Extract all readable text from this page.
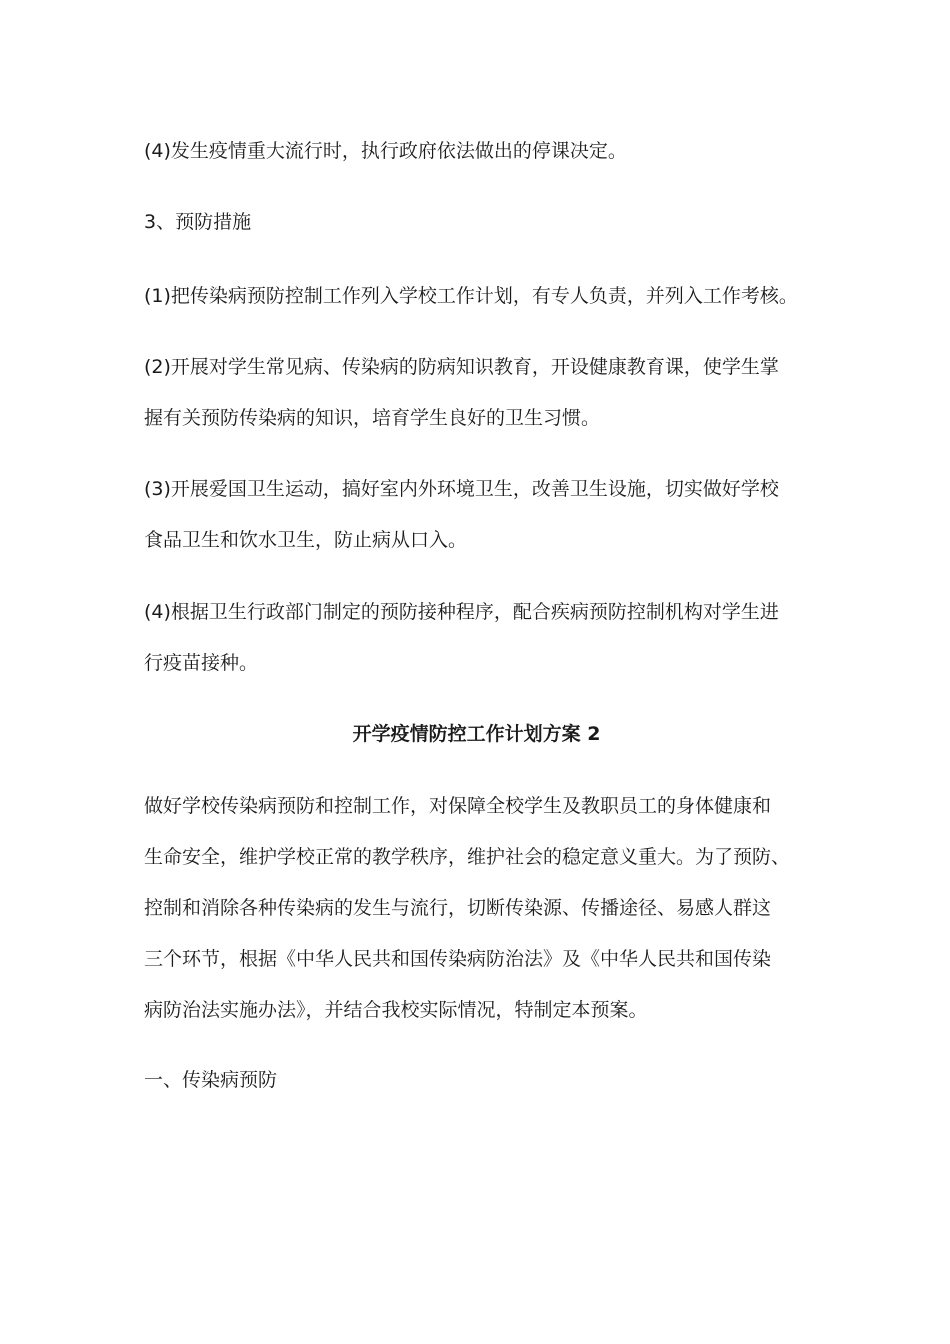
(4)发生疫情重大流行时，执行政府依法做出的停课决定。

3、预防措施

(1)把传染病预防控制工作列入学校工作计划，有专人负责，并列入工作考核。

(2)开展对学生常见病、传染病的防病知识教育，开设健康教育课，使学生掌
握有关预防传染病的知识，培育学生良好的卫生习惯。

(3)开展爱国卫生运动，搞好室内外环境卫生，改善卫生设施，切实做好学校
食品卫生和饮水卫生，防止病从口入。

(4)根据卫生行政部门制定的预防接种程序，配合疾病预防控制机构对学生进
行疫苗接种。

开学疫情防控工作计划方案 2

做好学校传染病预防和控制工作，对保障全校学生及教职员工的身体健康和
生命安全，维护学校正常的教学秩序，维护社会的稳定意义重大。为了预防、
控制和消除各种传染病的发生与流行，切断传染源、传播途径、易感人群这
三个环节，根据《中华人民共和国传染病防治法》及《中华人民共和国传染
病防治法实施办法》，并结合我校实际情况，特制定本预案。

一、传染病预防
